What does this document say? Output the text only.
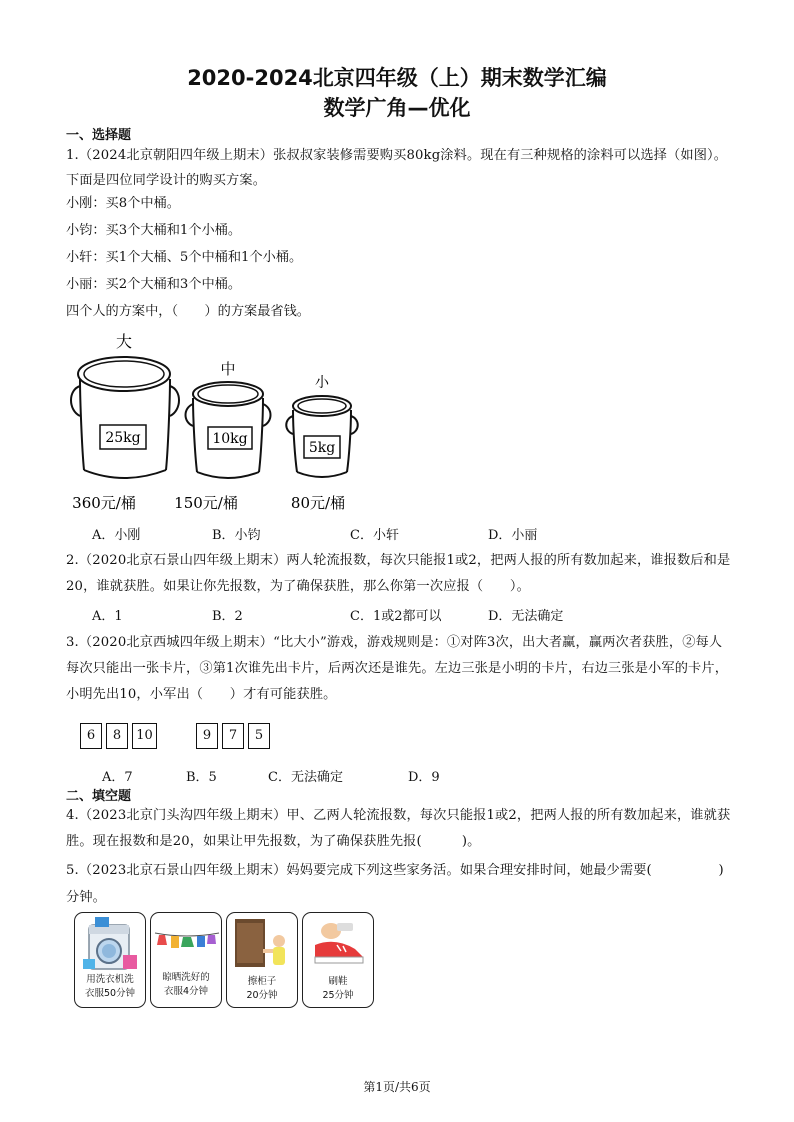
2020-2024北京四年级（上）期末数学汇编
数学广角—优化
一、选择题
1.（2024北京朝阳四年级上期末）张叔叔家装修需要购买80kg涂料。现在有三种规格的涂料可以选择（如图）。下面是四位同学设计的购买方案。
小刚：买8个中桶。
小钧：买3个大桶和1个小桶。
小轩：买1个大桶、5个中桶和1个小桶。
小丽：买2个大桶和3个中桶。
四个人的方案中，（　　）的方案最省钱。
大
25kg
360元/桶
中
10kg
150元/桶
小
5kg
80元/桶
A．小刚	B．小钧	C．小轩	D．小丽
2.（2020北京石景山四年级上期末）两人轮流报数，每次只能报1或2，把两人报的所有数加起来，谁报数后和是20，谁就获胜。如果让你先报数，为了确保获胜，那么你第一次应报（　　）。
A．1	B．2	C．1或2都可以	D．无法确定
3.（2020北京西城四年级上期末）“比大小”游戏，游戏规则是：①对阵3次，出大者赢，赢两次者获胜，②每人每次只能出一张卡片，③第1次谁先出卡片，后两次还是谁先。左边三张是小明的卡片，右边三张是小军的卡片，小明先出10，小军出（　　）才有可能获胜。
6	8	10	9	7	5
A．7	B．5	C．无法确定	D．9
二、填空题
4.（2023北京门头沟四年级上期末）甲、乙两人轮流报数，每次只能报1或2，把两人报的所有数加起来，谁就获胜。现在报数和是20，如果让甲先报数，为了确保获胜先报(　　　)。
5.（2023北京石景山四年级上期末）妈妈要完成下列这些家务活。如果合理安排时间，她最少需要(　　　　　)分钟。
用洗衣机洗
衣服50分钟
晾晒洗好的
衣服4分钟
擦柜子
20分钟
刷鞋
25分钟
第1页/共6页
